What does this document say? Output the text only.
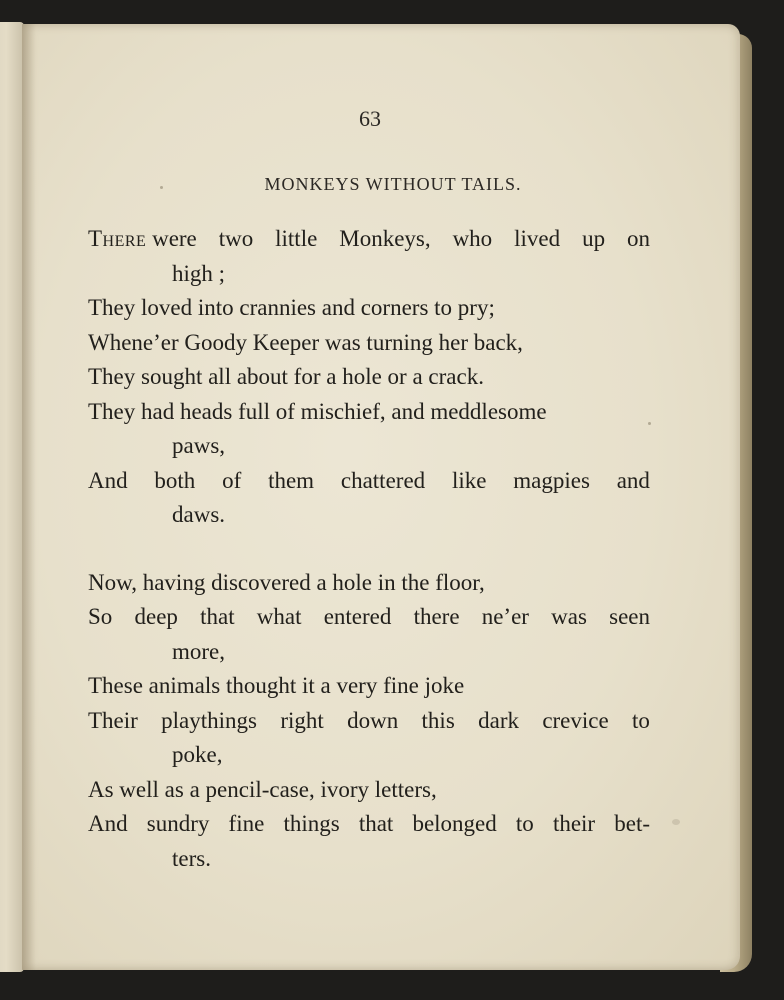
63
MONKEYS WITHOUT TAILS.
There were two little Monkeys, who lived up on
high ;
They loved into crannies and corners to pry;
Whene’er Goody Keeper was turning her back,
They sought all about for a hole or a crack.
They had heads full of mischief, and meddlesome
paws,
And both of them chattered like magpies and
daws.
Now, having discovered a hole in the floor,
So deep that what entered there ne’er was seen
more,
These animals thought it a very fine joke
Their playthings right down this dark crevice to
poke,
As well as a pencil-case, ivory letters,
And sundry fine things that belonged to their bet-
ters.
